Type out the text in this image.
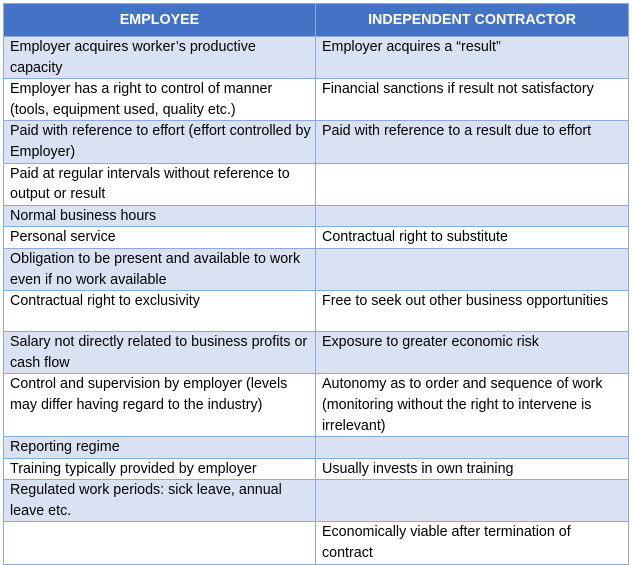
EMPLOYEE	INDEPENDENT CONTRACTOR
Employer acquires worker’s productive capacity	Employer acquires a “result”
Employer has a right to control of manner (tools, equipment used, quality etc.)	Financial sanctions if result not satisfactory
Paid with reference to effort (effort controlled by Employer)	Paid with reference to a result due to effort
Paid at regular intervals without reference to output or result	
Normal business hours	
Personal service	Contractual right to substitute
Obligation to be present and available to work even if no work available	
Contractual right to exclusivity	Free to seek out other business opportunities
Salary not directly related to business profits or cash flow	Exposure to greater economic risk
Control and supervision by employer (levels may differ having regard to the industry)	Autonomy as to order and sequence of work (monitoring without the right to intervene is irrelevant)
Reporting regime	
Training typically provided by employer	Usually invests in own training
Regulated work periods: sick leave, annual leave etc.	
	Economically viable after termination of contract
